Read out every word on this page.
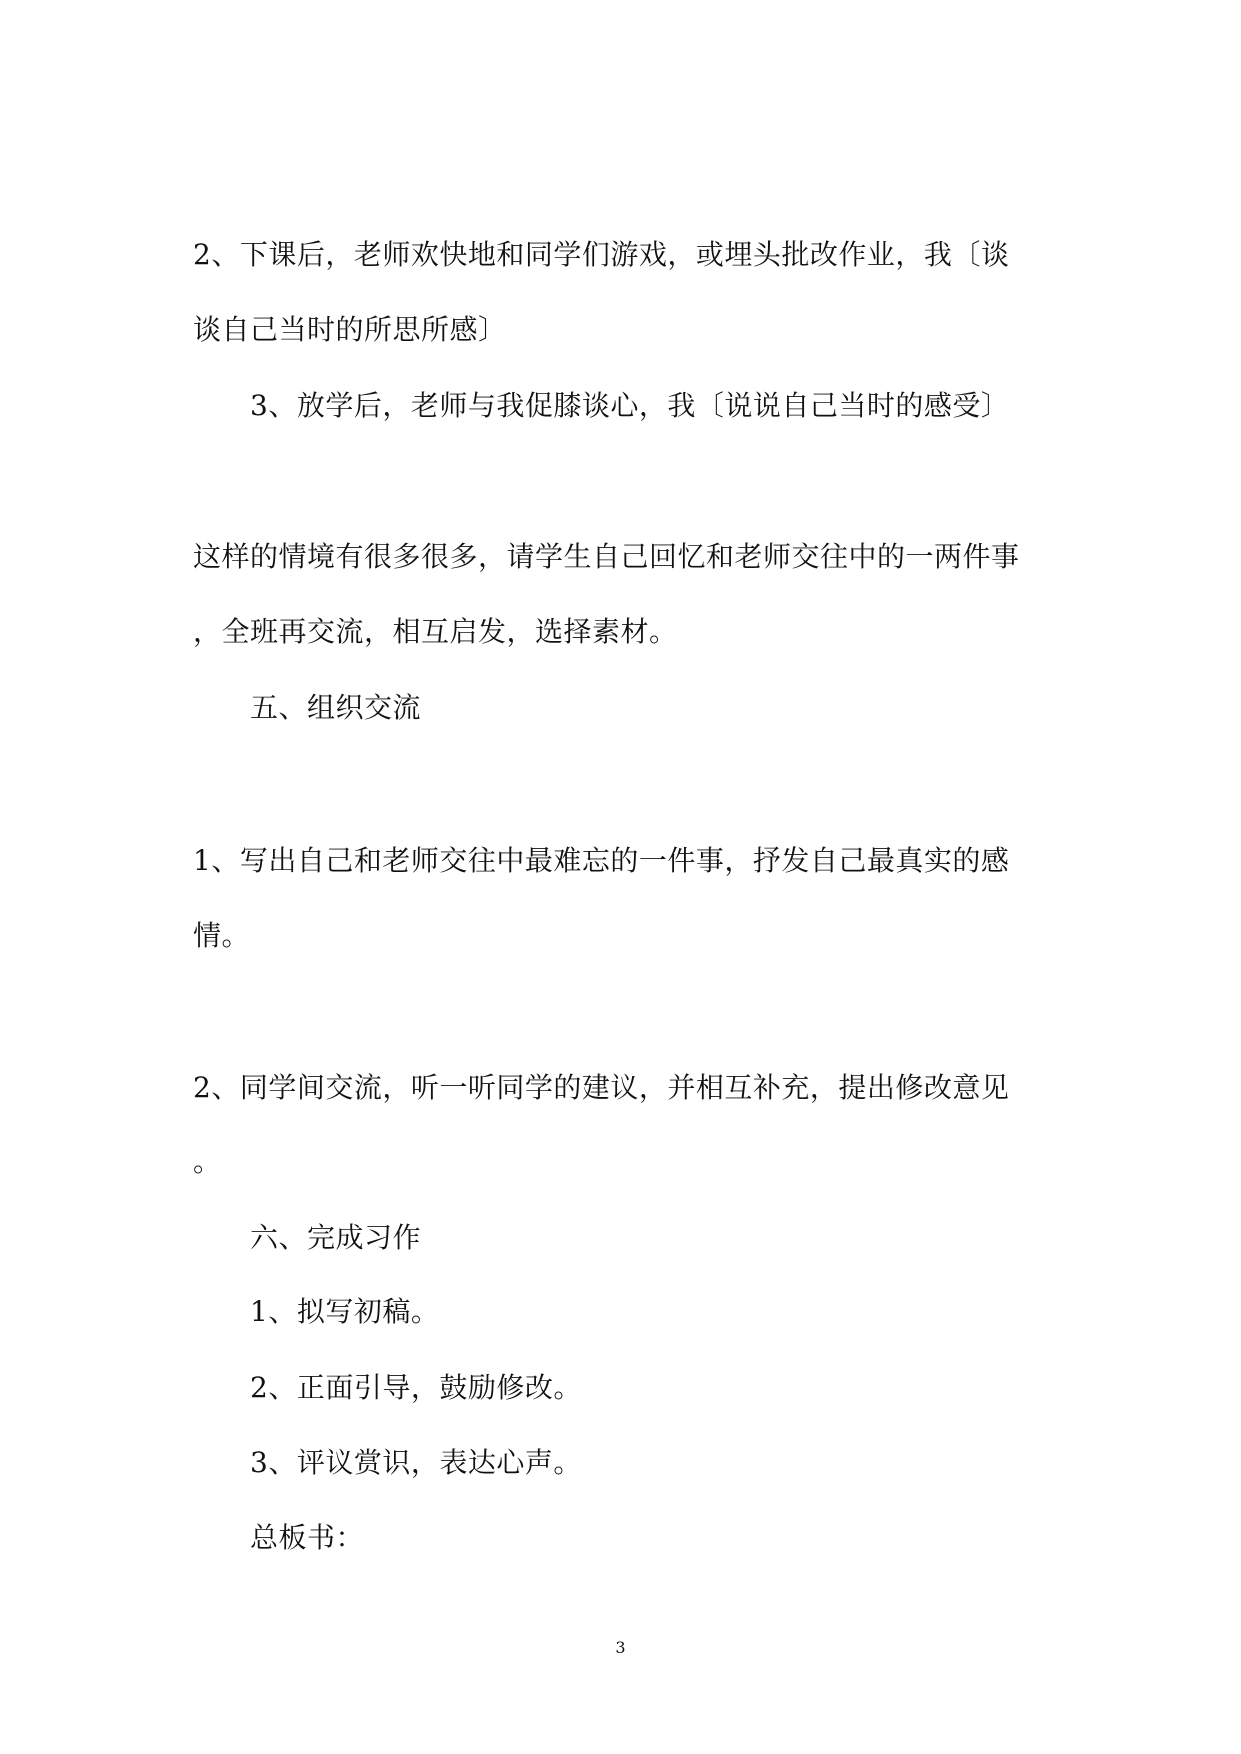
2、下课后，老师欢快地和同学们游戏，或埋头批改作业，我〔谈
谈自己当时的所思所感〕
3、放学后，老师与我促膝谈心，我〔说说自己当时的感受〕
这样的情境有很多很多，请学生自己回忆和老师交往中的一两件事
，全班再交流，相互启发，选择素材。
五、组织交流
1、写出自己和老师交往中最难忘的一件事，抒发自己最真实的感
情。
2、同学间交流，听一听同学的建议，并相互补充，提出修改意见
。
六、完成习作
1、拟写初稿。
2、正面引导，鼓励修改。
3、评议赏识，表达心声。
总板书：
3
